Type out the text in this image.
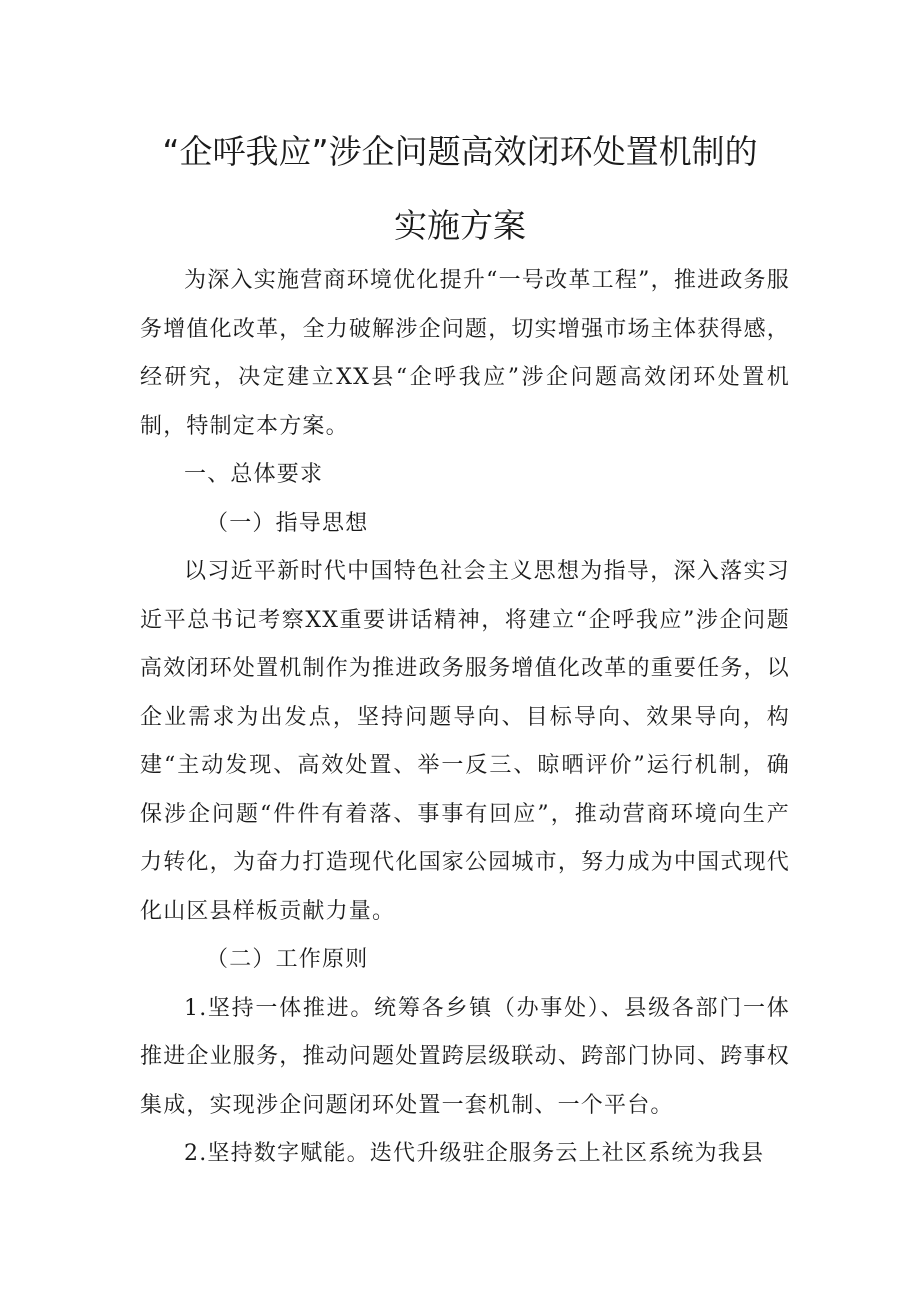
“企呼我应”涉企问题高效闭环处置机制的
实施方案

为深入实施营商环境优化提升“一号改革工程”，推进政务服务增值化改革，全力破解涉企问题，切实增强市场主体获得感，经研究，决定建立XX县“企呼我应”涉企问题高效闭环处置机制，特制定本方案。

一、总体要求

（一）指导思想

以习近平新时代中国特色社会主义思想为指导，深入落实习近平总书记考察XX重要讲话精神，将建立“企呼我应”涉企问题高效闭环处置机制作为推进政务服务增值化改革的重要任务，以企业需求为出发点，坚持问题导向、目标导向、效果导向，构建“主动发现、高效处置、举一反三、晾晒评价”运行机制，确保涉企问题“件件有着落、事事有回应”，推动营商环境向生产力转化，为奋力打造现代化国家公园城市，努力成为中国式现代化山区县样板贡献力量。

（二）工作原则

1.坚持一体推进。统筹各乡镇（办事处）、县级各部门一体推进企业服务，推动问题处置跨层级联动、跨部门协同、跨事权集成，实现涉企问题闭环处置一套机制、一个平台。

2.坚持数字赋能。迭代升级驻企服务云上社区系统为我县
